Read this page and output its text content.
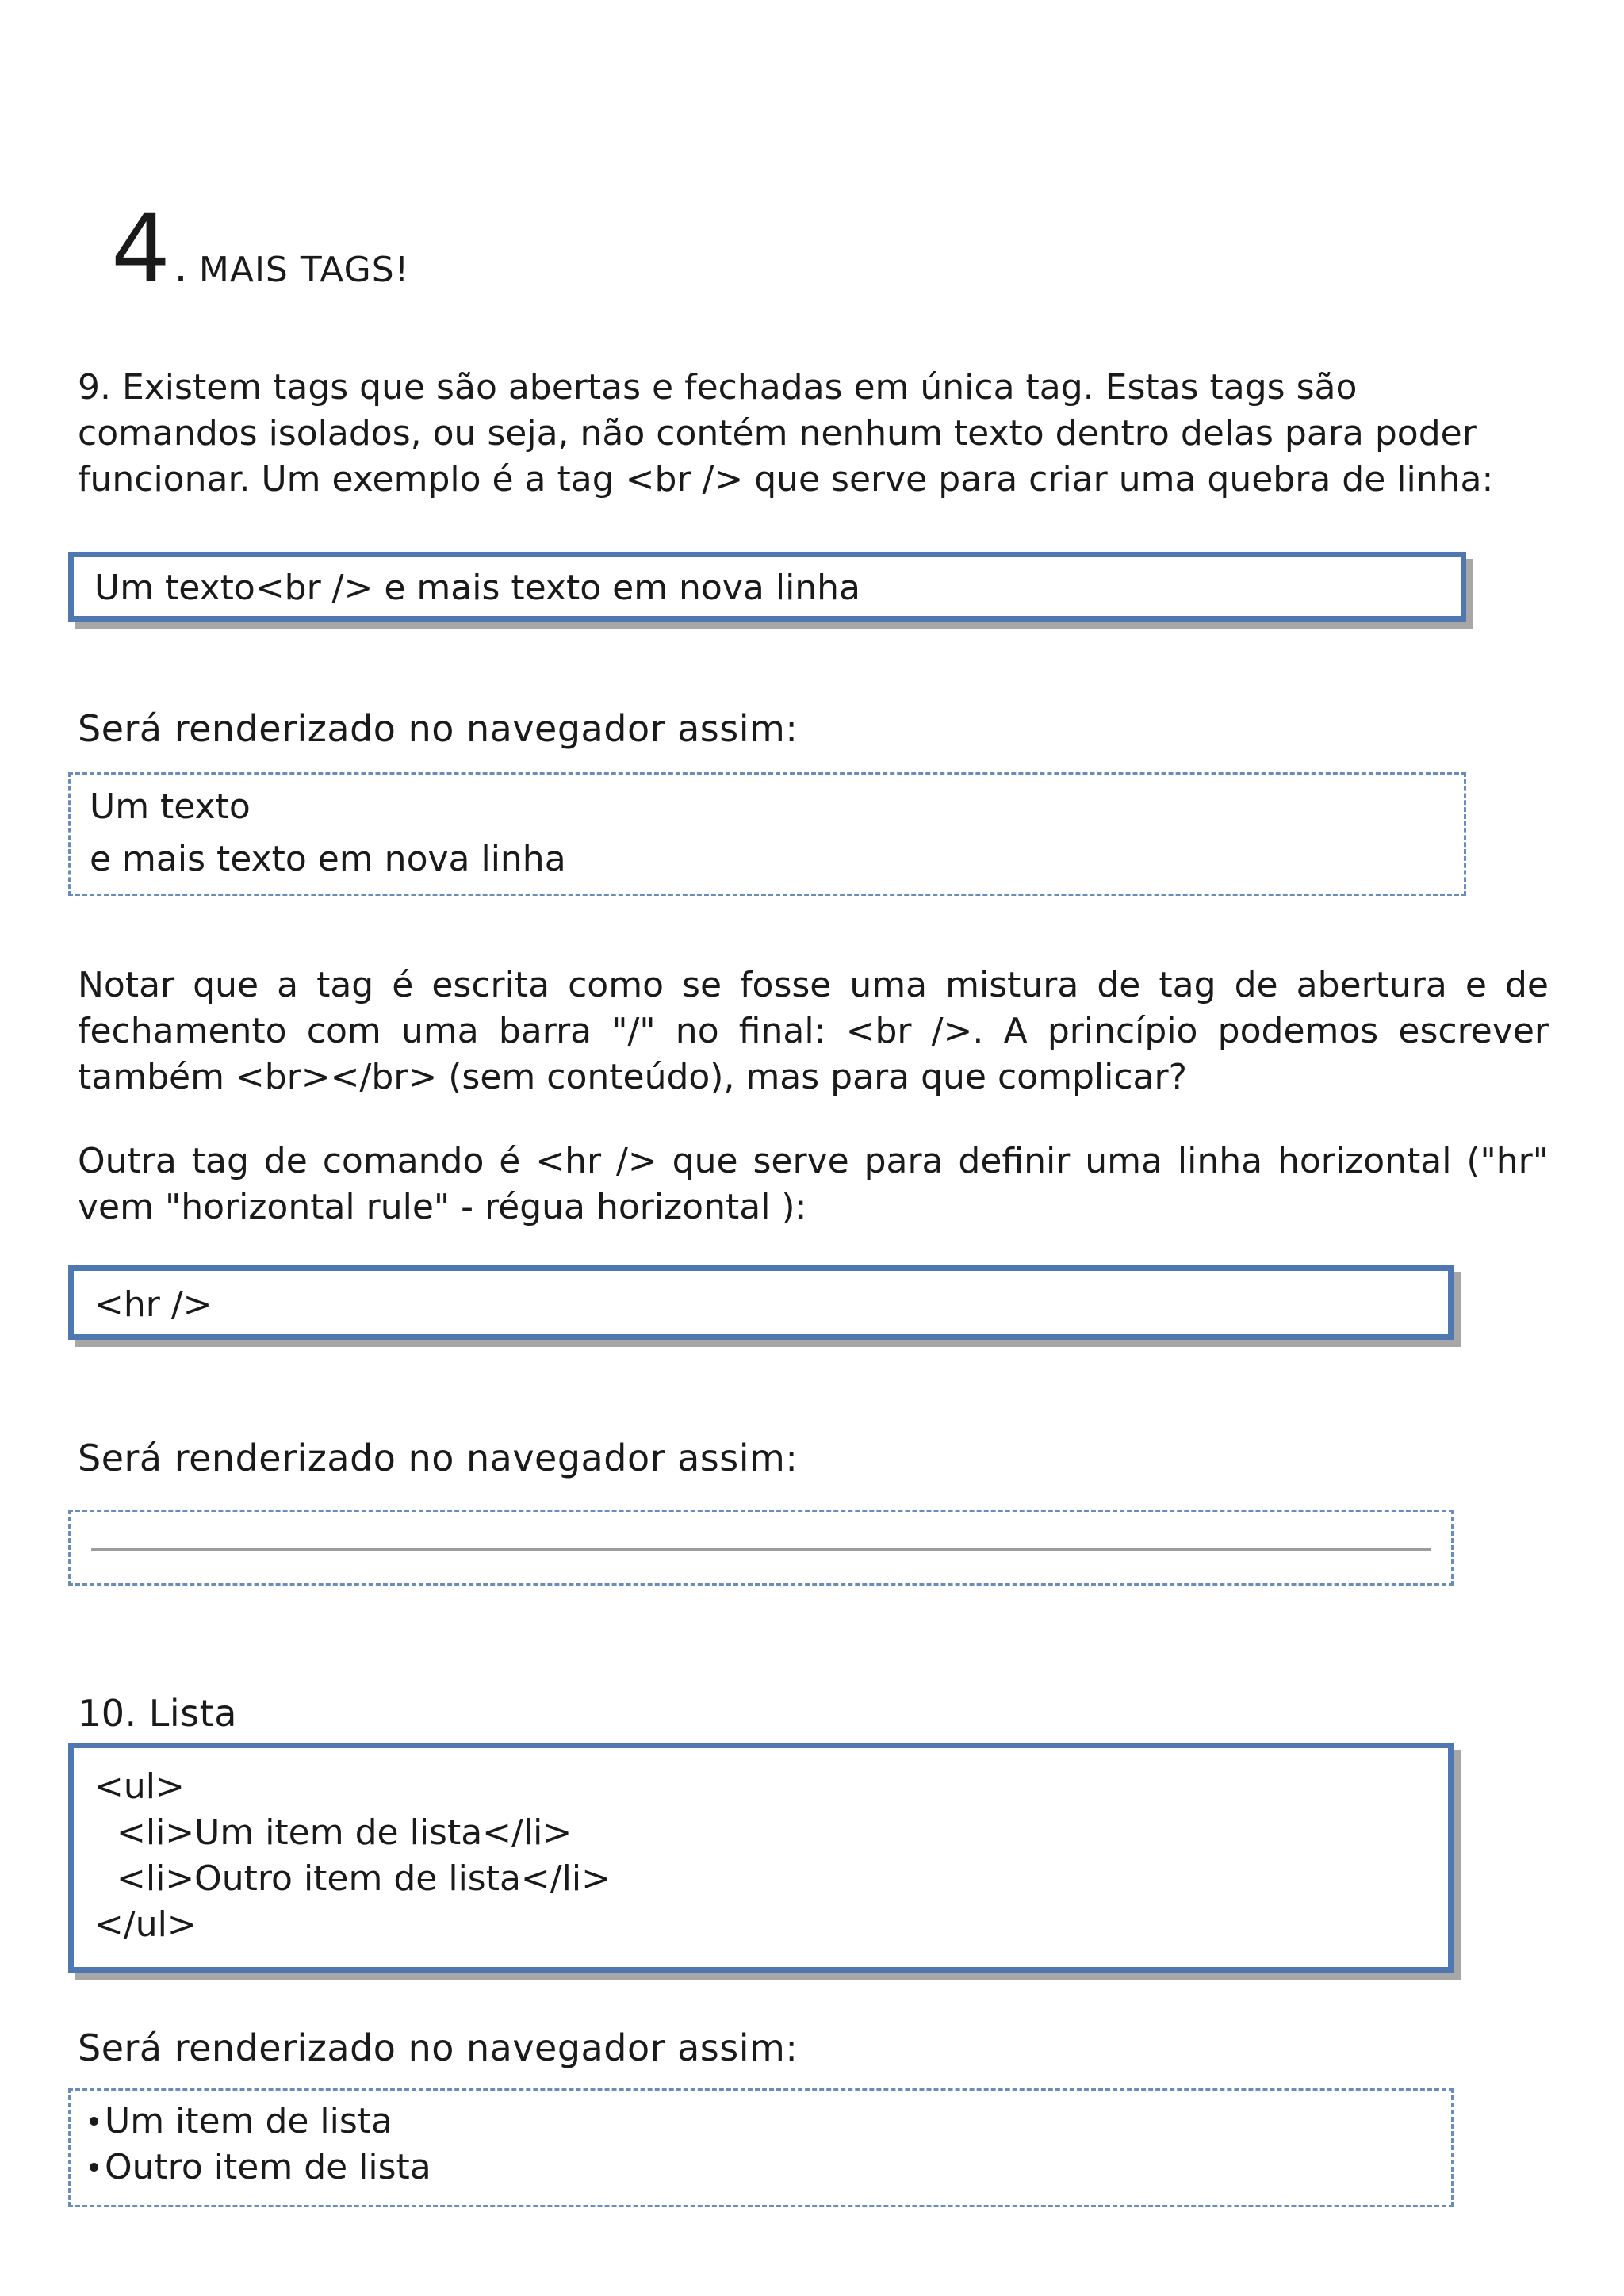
4. MAIS TAGS!

9. Existem tags que são abertas e fechadas em única tag. Estas tags são

comandos isolados, ou seja, não contém nenhum texto dentro delas para poder

funcionar. Um exemplo é a tag <br /> que serve para criar uma quebra de linha:

Um texto<br /> e mais texto em nova linha
Será renderizado no navegador assim:
Um texto
e mais texto em nova linha

Notar que a tag é escrita como se fosse uma mistura de tag de abertura e de fechamento com uma barra "/" no final: <br />. A princípio podemos escrever também <br></br> (sem conteúdo), mas para que complicar?

Outra tag de comando é <hr /> que serve para definir uma linha horizontal ("hr" vem "horizontal rule" - régua horizontal ):

<hr />
Será renderizado no navegador assim:
10. Lista
<ul>
<li>Um item de lista</li>
<li>Outro item de lista</li>
</ul>
Será renderizado no navegador assim:
Um item de lista
Outro item de lista
